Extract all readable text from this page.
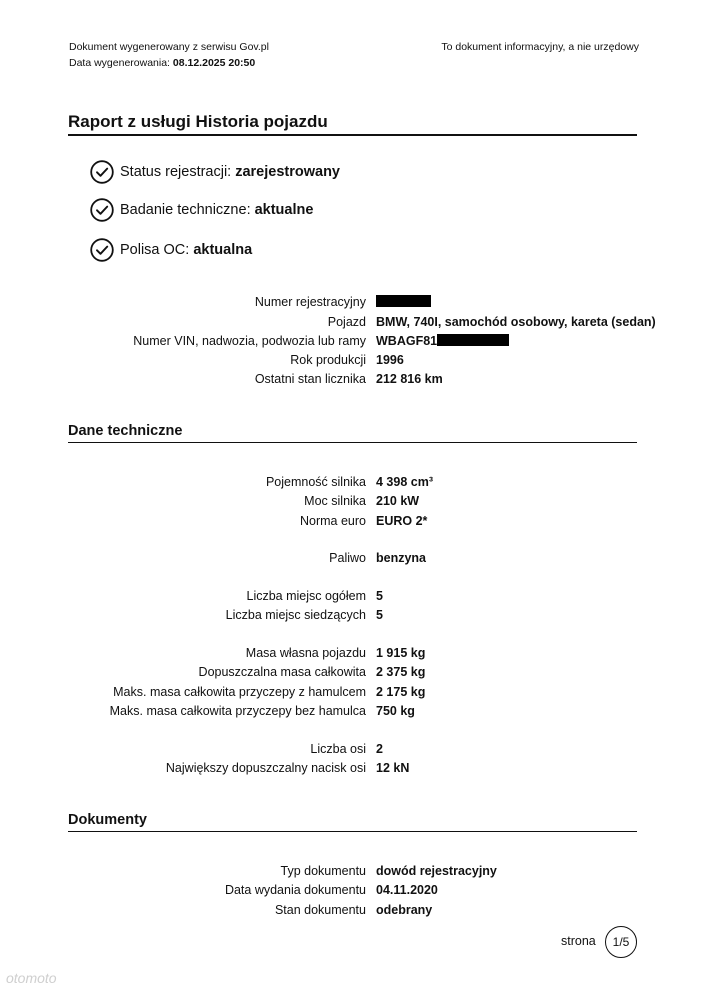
Dokument wygenerowany z serwisu Gov.pl
Data wygenerowania: 08.12.2025 20:50
To dokument informacyjny, a nie urzędowy
Raport z usługi Historia pojazdu
Status rejestracji: zarejestrowany
Badanie techniczne: aktualne
Polisa OC: aktualna
Numer rejestracyjny
Pojazd BMW, 740I, samochód osobowy, kareta (sedan)
Numer VIN, nadwozia, podwozia lub ramy WBAGF81
Rok produkcji 1996
Ostatni stan licznika 212 816 km
Dane techniczne
Pojemność silnika 4 398 cm³
Moc silnika 210 kW
Norma euro EURO 2*
Paliwo benzyna
Liczba miejsc ogółem 5
Liczba miejsc siedzących 5
Masa własna pojazdu 1 915 kg
Dopuszczalna masa całkowita 2 375 kg
Maks. masa całkowita przyczepy z hamulcem 2 175 kg
Maks. masa całkowita przyczepy bez hamulca 750 kg
Liczba osi 2
Największy dopuszczalny nacisk osi 12 kN
Dokumenty
Typ dokumentu dowód rejestracyjny
Data wydania dokumentu 04.11.2020
Stan dokumentu odebrany
strona	1/5
otomoto
